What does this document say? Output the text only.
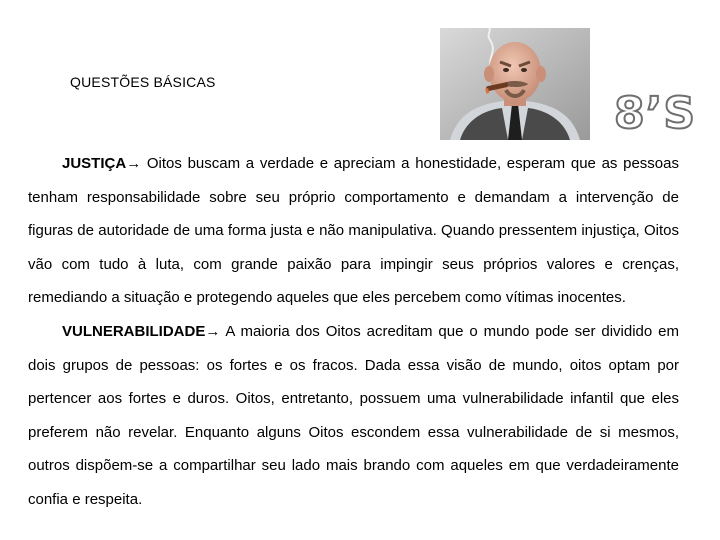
QUESTÕES BÁSICAS
8’S

JUSTIÇA→ Oitos buscam a verdade e apreciam a honestidade, esperam que as pessoas tenham responsabilidade sobre seu próprio comportamento e demandam a intervenção de figuras de autoridade de uma forma justa e não manipulativa. Quando pressentem injustiça, Oitos vão com tudo à luta, com grande paixão para impingir seus próprios valores e crenças, remediando a situação e protegendo aqueles que eles percebem como vítimas inocentes.

VULNERABILIDADE→ A maioria dos Oitos acreditam que o mundo pode ser dividido em dois grupos de pessoas: os fortes e os fracos. Dada essa visão de mundo, oitos optam por pertencer aos fortes e duros. Oitos, entretanto, possuem uma vulnerabilidade infantil que eles preferem não revelar. Enquanto alguns Oitos escondem essa vulnerabilidade de si mesmos, outros dispõem-se a compartilhar seu lado mais brando com aqueles em que verdadeiramente confia e respeita.
